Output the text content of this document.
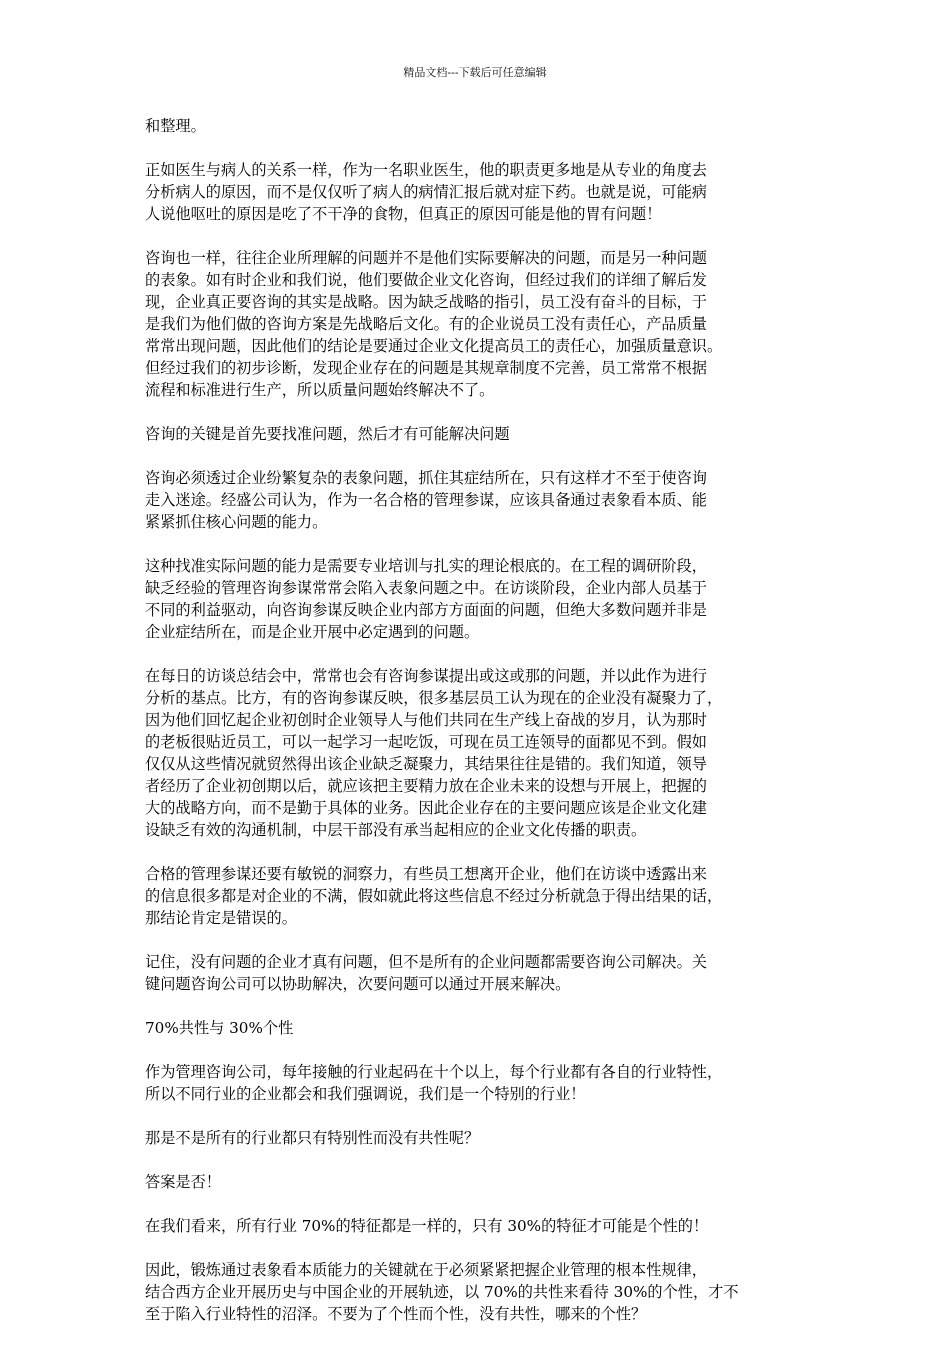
精品文档---下载后可任意编辑
和整理。
正如医生与病人的关系一样，作为一名职业医生，他的职责更多地是从专业的角度去
分析病人的原因，而不是仅仅听了病人的病情汇报后就对症下药。也就是说，可能病
人说他呕吐的原因是吃了不干净的食物，但真正的原因可能是他的胃有问题！
咨询也一样，往往企业所理解的问题并不是他们实际要解决的问题，而是另一种问题
的表象。如有时企业和我们说，他们要做企业文化咨询，但经过我们的详细了解后发
现，企业真正要咨询的其实是战略。因为缺乏战略的指引，员工没有奋斗的目标，于
是我们为他们做的咨询方案是先战略后文化。有的企业说员工没有责任心，产品质量
常常出现问题，因此他们的结论是要通过企业文化提高员工的责任心，加强质量意识。
但经过我们的初步诊断，发现企业存在的问题是其规章制度不完善，员工常常不根据
流程和标准进行生产，所以质量问题始终解决不了。
咨询的关键是首先要找准问题，然后才有可能解决问题
咨询必须透过企业纷繁复杂的表象问题，抓住其症结所在，只有这样才不至于使咨询
走入迷途。经盛公司认为，作为一名合格的管理参谋，应该具备通过表象看本质、能
紧紧抓住核心问题的能力。
这种找准实际问题的能力是需要专业培训与扎实的理论根底的。在工程的调研阶段，
缺乏经验的管理咨询参谋常常会陷入表象问题之中。在访谈阶段，企业内部人员基于
不同的利益驱动，向咨询参谋反映企业内部方方面面的问题，但绝大多数问题并非是
企业症结所在，而是企业开展中必定遇到的问题。
在每日的访谈总结会中，常常也会有咨询参谋提出或这或那的问题，并以此作为进行
分析的基点。比方，有的咨询参谋反映，很多基层员工认为现在的企业没有凝聚力了，
因为他们回忆起企业初创时企业领导人与他们共同在生产线上奋战的岁月，认为那时
的老板很贴近员工，可以一起学习一起吃饭，可现在员工连领导的面都见不到。假如
仅仅从这些情况就贸然得出该企业缺乏凝聚力，其结果往往是错的。我们知道，领导
者经历了企业初创期以后，就应该把主要精力放在企业未来的设想与开展上，把握的
大的战略方向，而不是勤于具体的业务。因此企业存在的主要问题应该是企业文化建
设缺乏有效的沟通机制，中层干部没有承当起相应的企业文化传播的职责。
合格的管理参谋还要有敏锐的洞察力，有些员工想离开企业，他们在访谈中透露出来
的信息很多都是对企业的不满，假如就此将这些信息不经过分析就急于得出结果的话，
那结论肯定是错误的。
记住，没有问题的企业才真有问题，但不是所有的企业问题都需要咨询公司解决。关
键问题咨询公司可以协助解决，次要问题可以通过开展来解决。
70%共性与 30%个性
作为管理咨询公司，每年接触的行业起码在十个以上，每个行业都有各自的行业特性，
所以不同行业的企业都会和我们强调说，我们是一个特别的行业！
那是不是所有的行业都只有特别性而没有共性呢？
答案是否！
在我们看来，所有行业 70%的特征都是一样的，只有 30%的特征才可能是个性的！
因此，锻炼通过表象看本质能力的关键就在于必须紧紧把握企业管理的根本性规律，
结合西方企业开展历史与中国企业的开展轨迹，以 70%的共性来看待 30%的个性，才不
至于陷入行业特性的沼泽。不要为了个性而个性，没有共性，哪来的个性？
